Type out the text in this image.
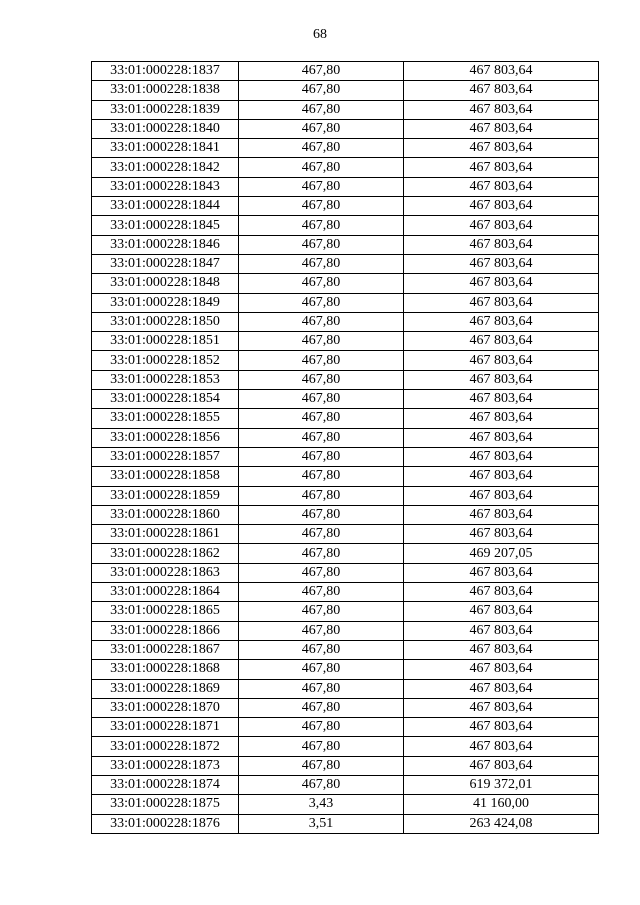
68
33:01:000228:1837	467,80	467 803,64
33:01:000228:1838	467,80	467 803,64
33:01:000228:1839	467,80	467 803,64
33:01:000228:1840	467,80	467 803,64
33:01:000228:1841	467,80	467 803,64
33:01:000228:1842	467,80	467 803,64
33:01:000228:1843	467,80	467 803,64
33:01:000228:1844	467,80	467 803,64
33:01:000228:1845	467,80	467 803,64
33:01:000228:1846	467,80	467 803,64
33:01:000228:1847	467,80	467 803,64
33:01:000228:1848	467,80	467 803,64
33:01:000228:1849	467,80	467 803,64
33:01:000228:1850	467,80	467 803,64
33:01:000228:1851	467,80	467 803,64
33:01:000228:1852	467,80	467 803,64
33:01:000228:1853	467,80	467 803,64
33:01:000228:1854	467,80	467 803,64
33:01:000228:1855	467,80	467 803,64
33:01:000228:1856	467,80	467 803,64
33:01:000228:1857	467,80	467 803,64
33:01:000228:1858	467,80	467 803,64
33:01:000228:1859	467,80	467 803,64
33:01:000228:1860	467,80	467 803,64
33:01:000228:1861	467,80	467 803,64
33:01:000228:1862	467,80	469 207,05
33:01:000228:1863	467,80	467 803,64
33:01:000228:1864	467,80	467 803,64
33:01:000228:1865	467,80	467 803,64
33:01:000228:1866	467,80	467 803,64
33:01:000228:1867	467,80	467 803,64
33:01:000228:1868	467,80	467 803,64
33:01:000228:1869	467,80	467 803,64
33:01:000228:1870	467,80	467 803,64
33:01:000228:1871	467,80	467 803,64
33:01:000228:1872	467,80	467 803,64
33:01:000228:1873	467,80	467 803,64
33:01:000228:1874	467,80	619 372,01
33:01:000228:1875	3,43	41 160,00
33:01:000228:1876	3,51	263 424,08
